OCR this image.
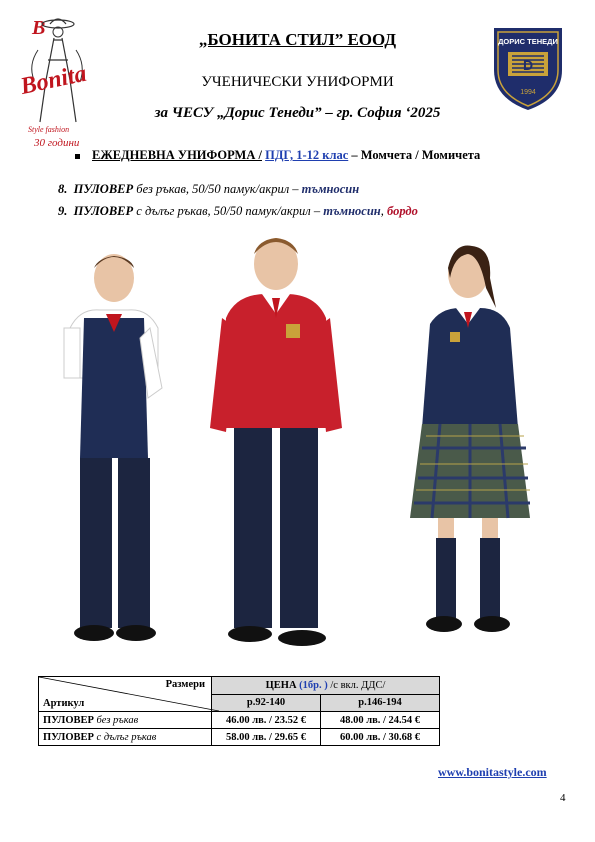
B
Bonita
Style fashion
30 години
ДОРИС ТЕНЕДИ
D
1994
„БОНИТА СТИЛ” ЕООД
УЧЕНИЧЕСКИ УНИФОРМИ
за ЧЕСУ „Дорис Тенеди” – гр. София ‘2025
ЕЖЕДНЕВНА УНИФОРМА / ПДГ, 1-12 клас – Момчета / Момичета
8. ПУЛОВЕР без ръкав, 50/50 памук/акрил – тъмносин
9. ПУЛОВЕР с дълъг ръкав, 50/50 памук/акрил – тъмносин, бордо
Размери
Артикул	ЦЕНА (1бр. ) /с вкл. ДДС/	
	р.92-140	р.146-194
ПУЛОВЕР без ръкав	46.00 лв. / 23.52 €	48.00 лв. / 24.54 €
ПУЛОВЕР с дълъг ръкав	58.00 лв. / 29.65 €	60.00 лв. / 30.68 €
www.bonitastyle.com
4
